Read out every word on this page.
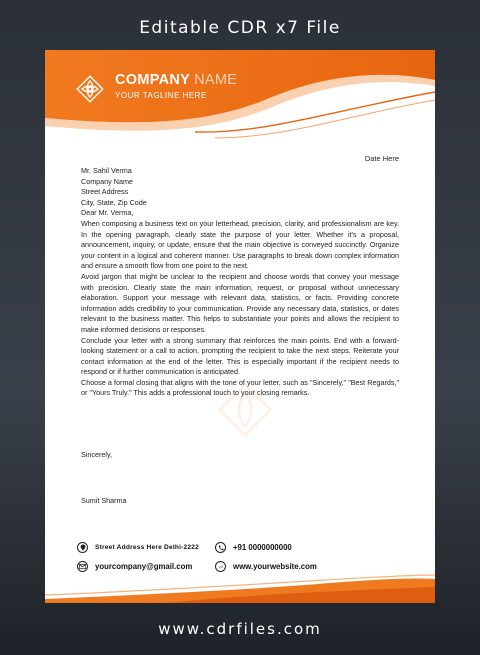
Editable CDR x7 File
COMPANY NAME
YOUR TAGLINE HERE
Date Here
Mr. Sahil Verma
Company Name
Street Address
City, State, Zip Code
Dear Mr. Verma,
When composing a business text on your letterhead, precision, clarity, and professionalism are key. In the opening paragraph, clearly state the purpose of your letter. Whether it's a proposal, announcement, inquiry, or update, ensure that the main objective is conveyed succinctly. Organize your content in a logical and coherent manner. Use paragraphs to break down complex information and ensure a smooth flow from one point to the next.
Avoid jargon that might be unclear to the recipient and choose words that convey your message with precision. Clearly state the main information, request, or proposal without unnecessary elaboration. Support your message with relevant data, statistics, or facts. Providing concrete information adds credibility to your communication. Provide any necessary data, statistics, or dates relevant to the business matter. This helps to substantiate your points and allows the recipient to make informed decisions or responses.
Conclude your letter with a strong summary that reinforces the main points. End with a forward-looking statement or a call to action, prompting the recipient to take the next steps. Reiterate your contact information at the end of the letter. This is especially important if the recipient needs to respond or if further communication is anticipated.
Choose a formal closing that aligns with the tone of your letter, such as "Sincerely," "Best Regards," or "Yours Truly." This adds a professional touch to your closing remarks.
Sincerely,
Sumit Sharma
Street Address Here Delhi-2222	+91 0000000000
yourcompany@gmail.com	www.yourwebsite.com
www.cdrfiles.com
